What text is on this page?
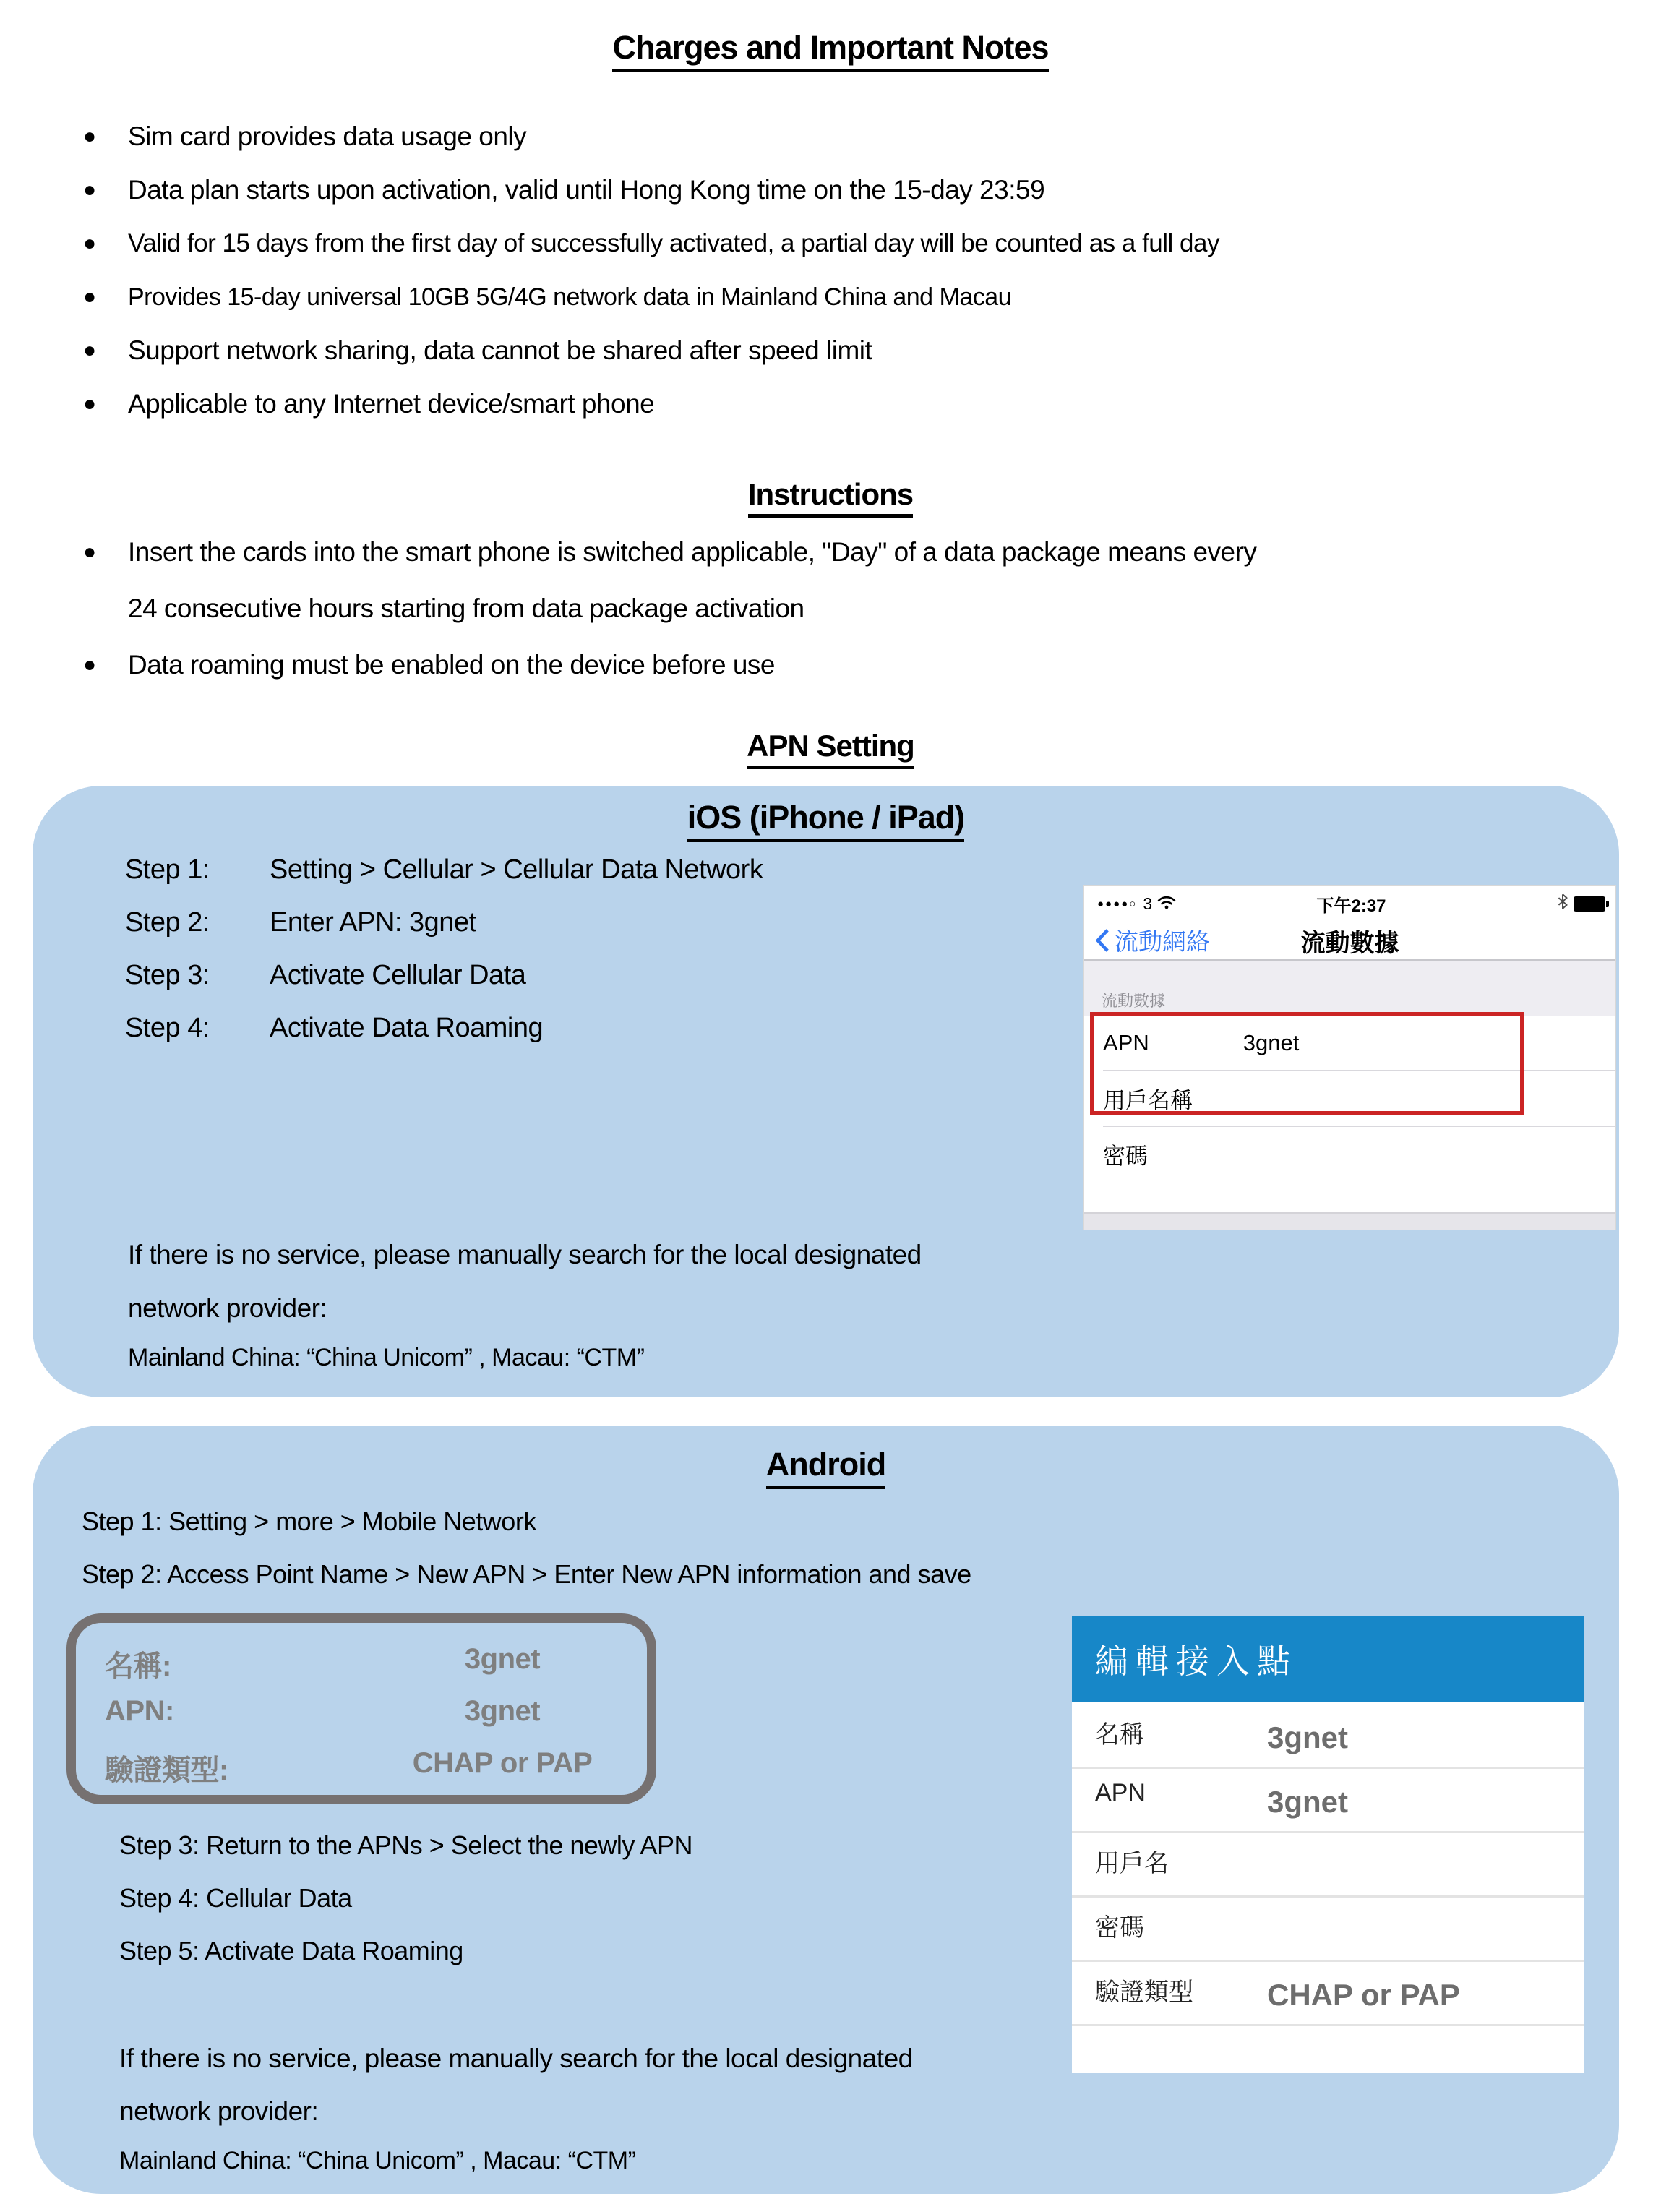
Charges and Important Notes
●	Sim card provides data usage only
●	Data plan starts upon activation, valid until Hong Kong time on the 15-day 23:59
●	Valid for 15 days from the first day of successfully activated, a partial day will be counted as a full day
●	Provides 15-day universal 10GB 5G/4G network data in Mainland China and Macau
●	Support network sharing, data cannot be shared after speed limit
●	Applicable to any Internet device/smart phone
Instructions
●	Insert the cards into the smart phone is switched applicable, "Day" of a data package means every
24 consecutive hours starting from data package activation
●	Data roaming must be enabled on the device before use
APN Setting
iOS (iPhone / iPad)
Step 1:	Setting > Cellular > Cellular Data Network
Step 2:	Enter APN: 3gnet
Step 3:	Activate Cellular Data
Step 4:	Activate Data Roaming
●●●●○ 3	下午2:37
流動網絡	流動數據
流動數據
APN	3gnet
用戶名稱
密碼
If there is no service, please manually search for the local designated
network provider:
Mainland China: “China Unicom” , Macau: “CTM”
Android
Step 1: Setting > more > Mobile Network
Step 2: Access Point Name > New APN > Enter New APN information and save
名稱:	3gnet
APN:	3gnet
驗證類型:	CHAP or PAP
編輯接入點
名稱	3gnet
APN	3gnet
用戶名
密碼
驗證類型 CHAP or PAP
Step 3: Return to the APNs > Select the newly APN
Step 4: Cellular Data
Step 5: Activate Data Roaming
If there is no service, please manually search for the local designated
network provider:
Mainland China: “China Unicom” , Macau: “CTM”
